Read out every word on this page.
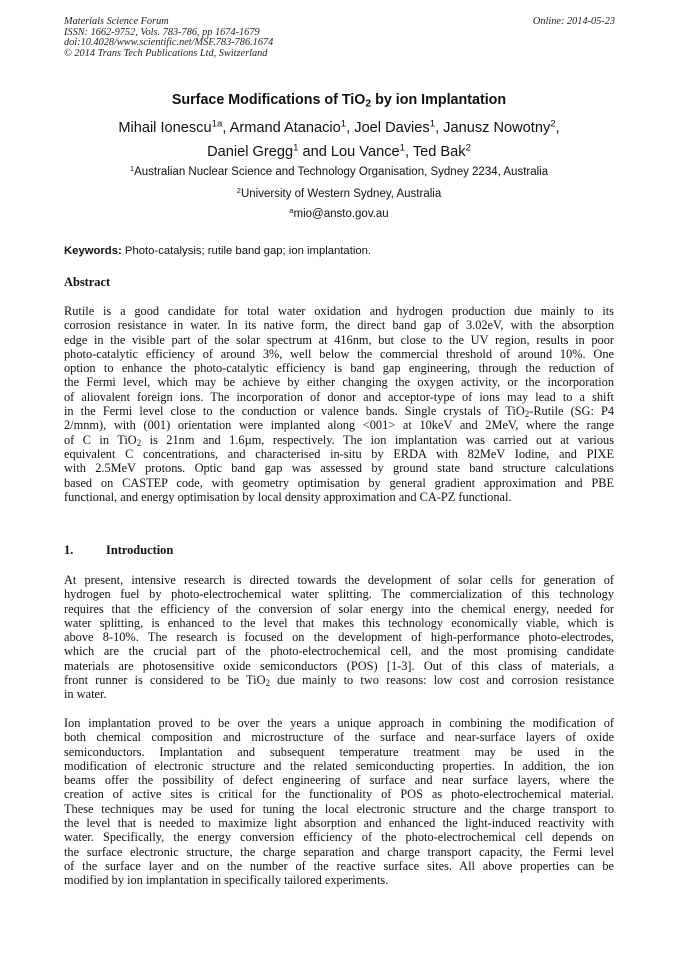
Materials Science Forum
ISSN: 1662-9752, Vols. 783-786, pp 1674-1679
doi:10.4028/www.scientific.net/MSF.783-786.1674
© 2014 Trans Tech Publications Ltd, Switzerland
Online: 2014-05-23
Surface Modifications of TiO$_2$ by ion Implantation
Mihail Ionescu$^{1a}$, Armand Atanacio$^1$, Joel Davies$^1$, Janusz Nowotny$^2$,
Daniel Gregg$^1$ and Lou Vance$^1$, Ted Bak$^2$
$^1$Australian Nuclear Science and Technology Organisation, Sydney 2234, Australia
$^2$University of Western Sydney, Australia
$^a$mio@ansto.gov.au
Keywords: Photo-catalysis; rutile band gap; ion implantation.
Abstract
Rutile is a good candidate for total water oxidation and hydrogen production due mainly to its
corrosion resistance in water. In its native form, the direct band gap of 3.02eV, with the absorption
edge in the visible part of the solar spectrum at 416nm, but close to the UV region, results in poor
photo-catalytic efficiency of around 3%, well below the commercial threshold of around 10%. One
option to enhance the photo-catalytic efficiency is band gap engineering, through the reduction of
the Fermi level, which may be achieve by either changing the oxygen activity, or the incorporation
of aliovalent foreign ions. The incorporation of donor and acceptor-type of ions may lead to a shift
in the Fermi level close to the conduction or valence bands. Single crystals of TiO$_2$-Rutile (SG: P4
2/mnm), with (001) orientation were implanted along <001> at 10keV and 2MeV, where the range
of C in TiO$_2$ is 21nm and 1.6µm, respectively. The ion implantation was carried out at various
equivalent C concentrations, and characterised in-situ by ERDA with 82MeV Iodine, and PIXE
with 2.5MeV protons. Optic band gap was assessed by ground state band structure calculations
based on CASTEP code, with geometry optimisation by general gradient approximation and PBE
functional, and energy optimisation by local density approximation and CA-PZ functional.
1.	Introduction
At present, intensive research is directed towards the development of solar cells for generation of
hydrogen fuel by photo-electrochemical water splitting. The commercialization of this technology
requires that the efficiency of the conversion of solar energy into the chemical energy, needed for
water splitting, is enhanced to the level that makes this technology economically viable, which is
above 8-10%. The research is focused on the development of high-performance photo-electrodes,
which are the crucial part of the photo-electrochemical cell, and the most promising candidate
materials are photosensitive oxide semiconductors (POS) [1-3]. Out of this class of materials, a
front runner is considered to be TiO$_2$ due mainly to two reasons: low cost and corrosion resistance
in water.
Ion implantation proved to be over the years a unique approach in combining the modification of
both chemical composition and microstructure of the surface and near-surface layers of oxide
semiconductors. Implantation and subsequent temperature treatment may be used in the
modification of electronic structure and the related semiconducting properties. In addition, the ion
beams offer the possibility of defect engineering of surface and near surface layers, where the
creation of active sites is critical for the functionality of POS as photo-electrochemical material.
These techniques may be used for tuning the local electronic structure and the charge transport to
the level that is needed to maximize light absorption and enhanced the light-induced reactivity with
water. Specifically, the energy conversion efficiency of the photo-electrochemical cell depends on
the surface electronic structure, the charge separation and charge transport capacity, the Fermi level
of the surface layer and on the number of the reactive surface sites. All above properties can be
modified by ion implantation in specifically tailored experiments.
